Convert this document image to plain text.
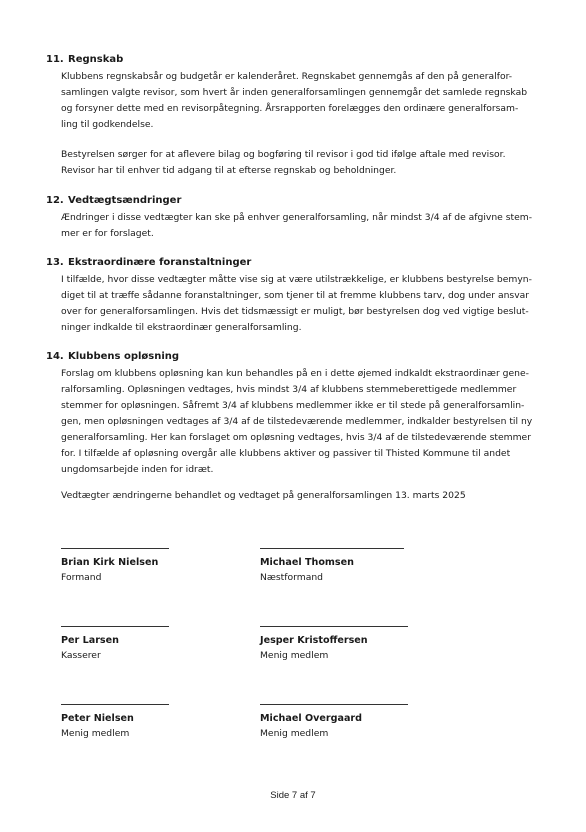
11. Regnskab
Klubbens regnskabsår og budgetår er kalenderåret. Regnskabet gennemgås af den på generalfor-
samlingen valgte revisor, som hvert år inden generalforsamlingen gennemgår det samlede regnskab
og forsyner dette med en revisorpåtegning. Årsrapporten forelægges den ordinære generalforsam-
ling til godkendelse.
Bestyrelsen sørger for at aflevere bilag og bogføring til revisor i god tid ifølge aftale med revisor.
Revisor har til enhver tid adgang til at efterse regnskab og beholdninger.
12. Vedtægtsændringer
Ændringer i disse vedtægter kan ske på enhver generalforsamling, når mindst 3/4 af de afgivne stem-
mer er for forslaget.
13. Ekstraordinære foranstaltninger
I tilfælde, hvor disse vedtægter måtte vise sig at være utilstrækkelige, er klubbens bestyrelse bemyn-
diget til at træffe sådanne foranstaltninger, som tjener til at fremme klubbens tarv, dog under ansvar
over for generalforsamlingen. Hvis det tidsmæssigt er muligt, bør bestyrelsen dog ved vigtige beslut-
ninger indkalde til ekstraordinær generalforsamling.
14. Klubbens opløsning
Forslag om klubbens opløsning kan kun behandles på en i dette øjemed indkaldt ekstraordinær gene-
ralforsamling. Opløsningen vedtages, hvis mindst 3/4 af klubbens stemmeberettigede medlemmer
stemmer for opløsningen. Såfremt 3/4 af klubbens medlemmer ikke er til stede på generalforsamlin-
gen, men opløsningen vedtages af 3/4 af de tilstedeværende medlemmer, indkalder bestyrelsen til ny
generalforsamling. Her kan forslaget om opløsning vedtages, hvis 3/4 af de tilstedeværende stemmer
for. I tilfælde af opløsning overgår alle klubbens aktiver og passiver til Thisted Kommune til andet
ungdomsarbejde inden for idræt.
Vedtægter ændringerne behandlet og vedtaget på generalforsamlingen 13. marts 2025
Brian Kirk Nielsen
Formand
Michael Thomsen
Næstformand
Per Larsen
Kasserer
Jesper Kristoffersen
Menig medlem
Peter Nielsen
Menig medlem
Michael Overgaard
Menig medlem
Side 7 af 7
